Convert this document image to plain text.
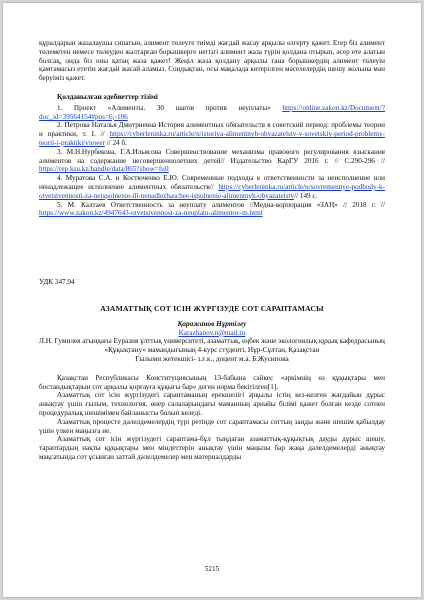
құралдарын жазалаушы сипатын, алимент төлеуге тиімді жағдай жасау арқылы өзгерту қажет. Егер біз алимент төлеметен немесе төлеуден жалтарған борышкерге негізгі алимент жаза түрін қолдана отырып, әсер ете алатын болсақ, онда біз оны қатаң жаза қажет! Жеңіл жаза қолдану арқылы ғана борышкердің алимент төлеуін қамтамасыз ететін жағдай жасай аламыз. Сондықтан, осы мақалада көтерілген мәселелердің шешу жолына мән беруіміз қажет.

Қолданылған әдебиеттер тізімі

1. Проект «Алименты. 30 шагов против неуплаты» https://online.zakon.kz/Document/?doc_id=39564154#pos=6;-106

2. Петрова Наталья Дмитриевна История алиментных обязательств в советский период: проблемы теории и практики, т. I. // https://cyberleninka.ru/article/n/istoriya-alimentnyh-obyazatelstv-v-sovetskiy-period-problemy-teorii-i-praktiki/viewer // 24 б.

3. М.Н.Нурбекова, Г.А.Ильясова Совершенствование механизма правового регулирования взыскания алиментов на содержание несовершеннолетних детей// Издательство КарГУ 2016 г. // С.290-296 // https://rep.ksu.kz/handle/data/865?show=full

4. Муратова С.А. и Костюченко Е.Ю. Современные подходы к ответственности за неисполнение или ненадлежащее исполнение алиментных обязательств// https://cyberleninka.ru/article/n/sovremennye-podhody-k-otvetstvennosti-za-neispolnenie-ili-nenadlezhaschee-ispolnenie-alimentnyh-obyazatelstv// 149 с.

5. М. Калтаев Ответственность за неуплату алиментов //Медиа-корпорация «ЗАҢ» // 2018 г. // https://www.zakon.kz/4947643-otvetstvennost-za-neuplatu-alimentov-m.html

УДК 347.94

АЗАМАТТЫҚ СОТ ІСІН ЖҮРГІЗУДЕ СОТ САРАПТАМАСЫ

Қаражанов Нұртілеу

Karazhanov.n@mail.ru

Л.Н. Гумилев атындағы Еуразия ұлттық университеті, азаматтық, еңбек және экологиялық құқық кафедрасының «Құқықтану» мамандығының 4-курс студенті, Нұр-Сұлтан, Қазақстан

Ғылыми жетекшісі- з.ғ.к., доцент м.а. Б.Жусипова

Қазақстан Республикасы Конституциясының 13-бабына сәйкес «әркімнің өз құқықтары мен бостандықтарын сот арқылы қорғауға құқығы бар» деген норма бекітілген[1].

Азаматтық сот ісін жүргізудегі сараптаманың ерекшелігі арқылы істің кез-келген жағдайын дұрыс анықтау үшін ғылым, технология, өнер салаларындағы маманның арнайы білімі қажет болған кезде сотпен процедуралық шешімімен байланысты болып келеді.

Азаматтық процесте дәлелдемелердің түрі ретінде сот сараптамасы соттың заңды және шешім қабылдау үшін үлкен маңызға ие.

Азаматтық сот ісін жүргізудегі сараптама-бұл тыңдаған азаматтық-құқықтық дауды дұрыс шешу, тараптардың нақты құқықтары мен міндеттерін анықтау үшін маңызы бар жаңа дәлелдемелерді анықтау мақсатында сот ұсынған заттай дәлелдемелер мен материалдарды

5215
